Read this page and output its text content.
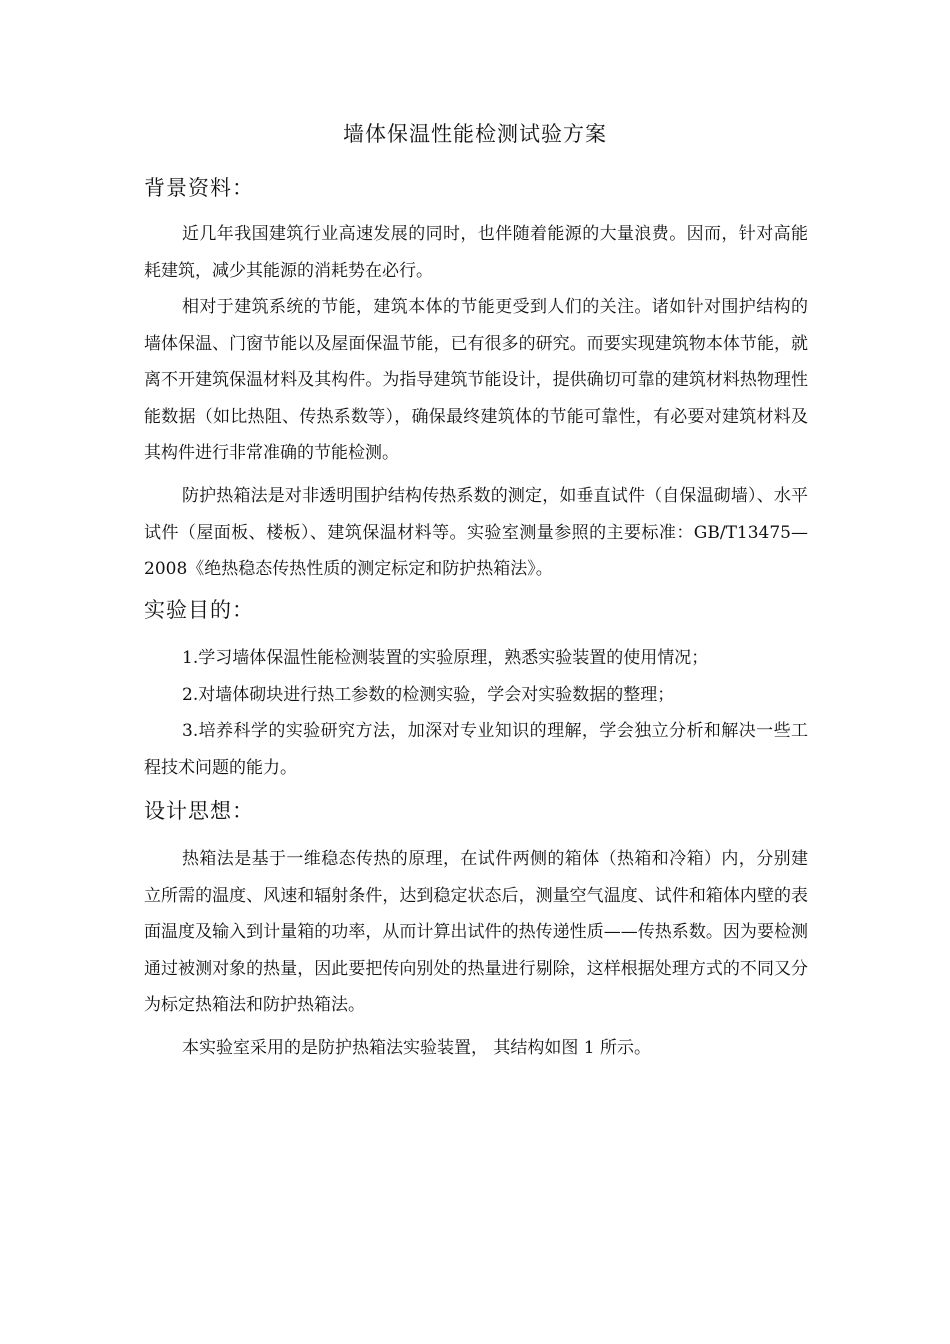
墙体保温性能检测试验方案
背景资料：

近几年我国建筑行业高速发展的同时，也伴随着能源的大量浪费。因而，针对高能耗建筑，减少其能源的消耗势在必行。

相对于建筑系统的节能，建筑本体的节能更受到人们的关注。诸如针对围护结构的墙体保温、门窗节能以及屋面保温节能，已有很多的研究。而要实现建筑物本体节能，就离不开建筑保温材料及其构件。为指导建筑节能设计，提供确切可靠的建筑材料热物理性能数据（如比热阻、传热系数等），确保最终建筑体的节能可靠性，有必要对建筑材料及其构件进行非常准确的节能检测。

防护热箱法是对非透明围护结构传热系数的测定，如垂直试件（自保温砌墙）、水平试件（屋面板、楼板）、建筑保温材料等。实验室测量参照的主要标准：GB/T13475—2008《绝热稳态传热性质的测定标定和防护热箱法》。

实验目的：

1.学习墙体保温性能检测装置的实验原理，熟悉实验装置的使用情况；

2.对墙体砌块进行热工参数的检测实验，学会对实验数据的整理；

3.培养科学的实验研究方法，加深对专业知识的理解，学会独立分析和解决一些工程技术问题的能力。

设计思想：

热箱法是基于一维稳态传热的原理，在试件两侧的箱体（热箱和冷箱）内，分别建立所需的温度、风速和辐射条件，达到稳定状态后，测量空气温度、试件和箱体内壁的表面温度及输入到计量箱的功率，从而计算出试件的热传递性质——传热系数。因为要检测通过被测对象的热量，因此要把传向别处的热量进行剔除，这样根据处理方式的不同又分为标定热箱法和防护热箱法。

本实验室采用的是防护热箱法实验装置， 其结构如图 1 所示。
